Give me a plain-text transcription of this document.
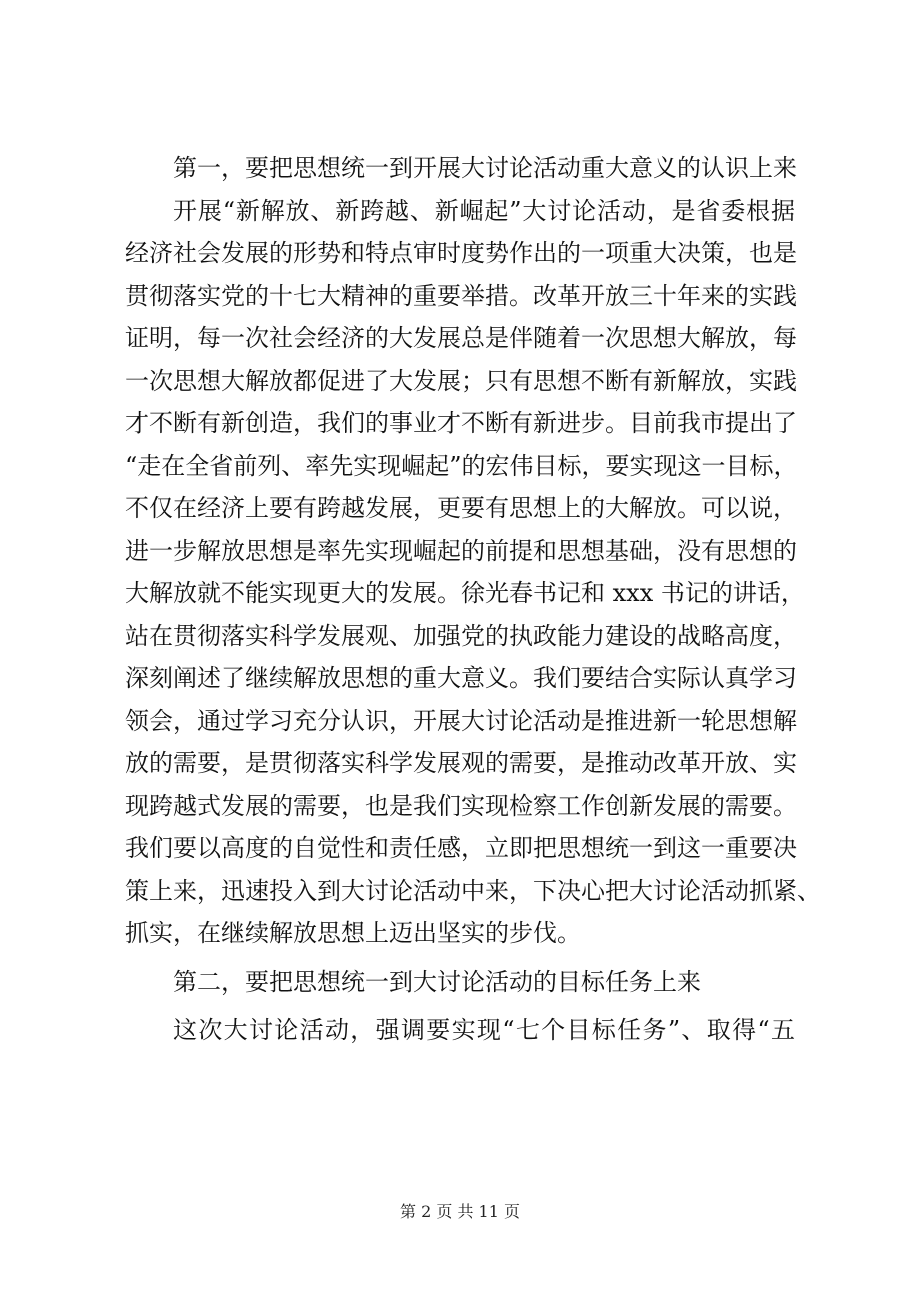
第一，要把思想统一到开展大讨论活动重大意义的认识上来
开展“新解放、新跨越、新崛起”大讨论活动，是省委根据
经济社会发展的形势和特点审时度势作出的一项重大决策，也是
贯彻落实党的十七大精神的重要举措。改革开放三十年来的实践
证明，每一次社会经济的大发展总是伴随着一次思想大解放，每
一次思想大解放都促进了大发展；只有思想不断有新解放，实践
才不断有新创造，我们的事业才不断有新进步。目前我市提出了
“走在全省前列、率先实现崛起”的宏伟目标，要实现这一目标，
不仅在经济上要有跨越发展，更要有思想上的大解放。可以说，
进一步解放思想是率先实现崛起的前提和思想基础，没有思想的
大解放就不能实现更大的发展。徐光春书记和 xxx 书记的讲话，
站在贯彻落实科学发展观、加强党的执政能力建设的战略高度，
深刻阐述了继续解放思想的重大意义。我们要结合实际认真学习
领会，通过学习充分认识，开展大讨论活动是推进新一轮思想解
放的需要，是贯彻落实科学发展观的需要，是推动改革开放、实
现跨越式发展的需要，也是我们实现检察工作创新发展的需要。
我们要以高度的自觉性和责任感，立即把思想统一到这一重要决
策上来，迅速投入到大讨论活动中来，下决心把大讨论活动抓紧、
抓实，在继续解放思想上迈出坚实的步伐。
第二，要把思想统一到大讨论活动的目标任务上来
这次大讨论活动，强调要实现“七个目标任务”、取得“五
第 2 页 共 11 页
